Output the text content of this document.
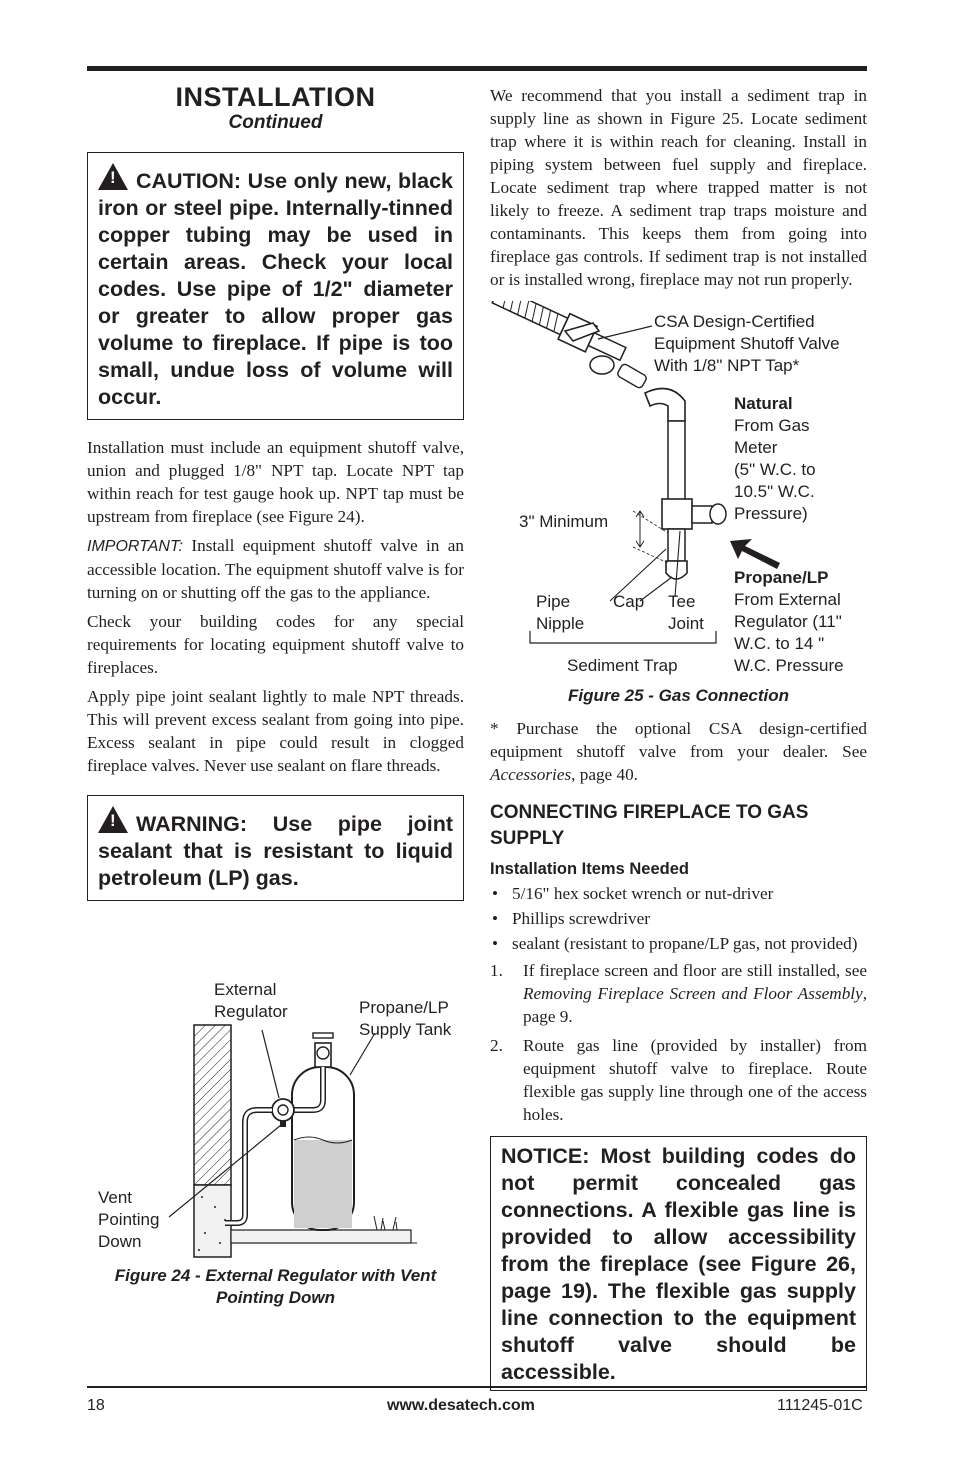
INSTALLATION
Continued
! CAUTION: Use only new, black iron or steel pipe. Internally-tinned copper tubing may be used in certain areas. Check your local codes. Use pipe of 1/2" diameter or greater to allow proper gas volume to fireplace. If pipe is too small, undue loss of volume will occur.

Installation must include an equipment shutoff valve, union and plugged 1/8" NPT tap. Locate NPT tap within reach for test gauge hook up. NPT tap must be upstream from fireplace (see Figure 24).

IMPORTANT: Install equipment shutoff valve in an accessible location. The equipment shutoff valve is for turning on or shutting off the gas to the appliance.

Check your building codes for any special requirements for locating equipment shutoff valve to fireplaces.

Apply pipe joint sealant lightly to male NPT threads. This will prevent excess sealant from going into pipe. Excess sealant in pipe could result in clogged fireplace valves. Never use sealant on flare threads.

! WARNING: Use pipe joint sealant that is resistant to liquid petroleum (LP) gas.
External
Regulator	Propane/LP
Supply Tank
Vent
Pointing
Down
Figure 24 - External Regulator with Vent
Pointing Down

We recommend that you install a sediment trap in supply line as shown in Figure 25. Locate sediment trap where it is within reach for cleaning. Install in piping system between fuel supply and fireplace. Locate sediment trap where trapped matter is not likely to freeze. A sediment trap traps moisture and contaminants. This keeps them from going into fireplace gas controls. If sediment trap is not installed or is installed wrong, fireplace may not run properly.

CSA Design-Certified
Equipment Shutoff Valve
With 1/8" NPT Tap*
Natural
From Gas
Meter
(5" W.C. to
10.5" W.C.
Pressure)
3" Minimum
Propane/LP
From External
Regulator (11"
W.C. to 14 "
W.C. Pressure
Pipe
Nipple
Cap Tee
Joint
Sediment Trap
Figure 25 - Gas Connection

* Purchase the optional CSA design-certified equipment shutoff valve from your dealer. See Accessories, page 40.

CONNECTING FIREPLACE TO GAS
SUPPLY
Installation Items Needed
• 5/16" hex socket wrench or nut-driver
• Phillips screwdriver
• sealant (resistant to propane/LP gas, not provided)
1. If fireplace screen and floor are still installed, see Removing Fireplace Screen and Floor Assembly, page 9.
2. Route gas line (provided by installer) from equipment shutoff valve to fireplace. Route flexible gas supply line through one of the access holes.
NOTICE: Most building codes do not permit concealed gas connections. A flexible gas line is provided to allow accessibility from the fireplace (see Figure 26, page 19). The flexible gas supply line connection to the equipment shutoff valve should be accessible.
18	www.desatech.com	111245-01C
